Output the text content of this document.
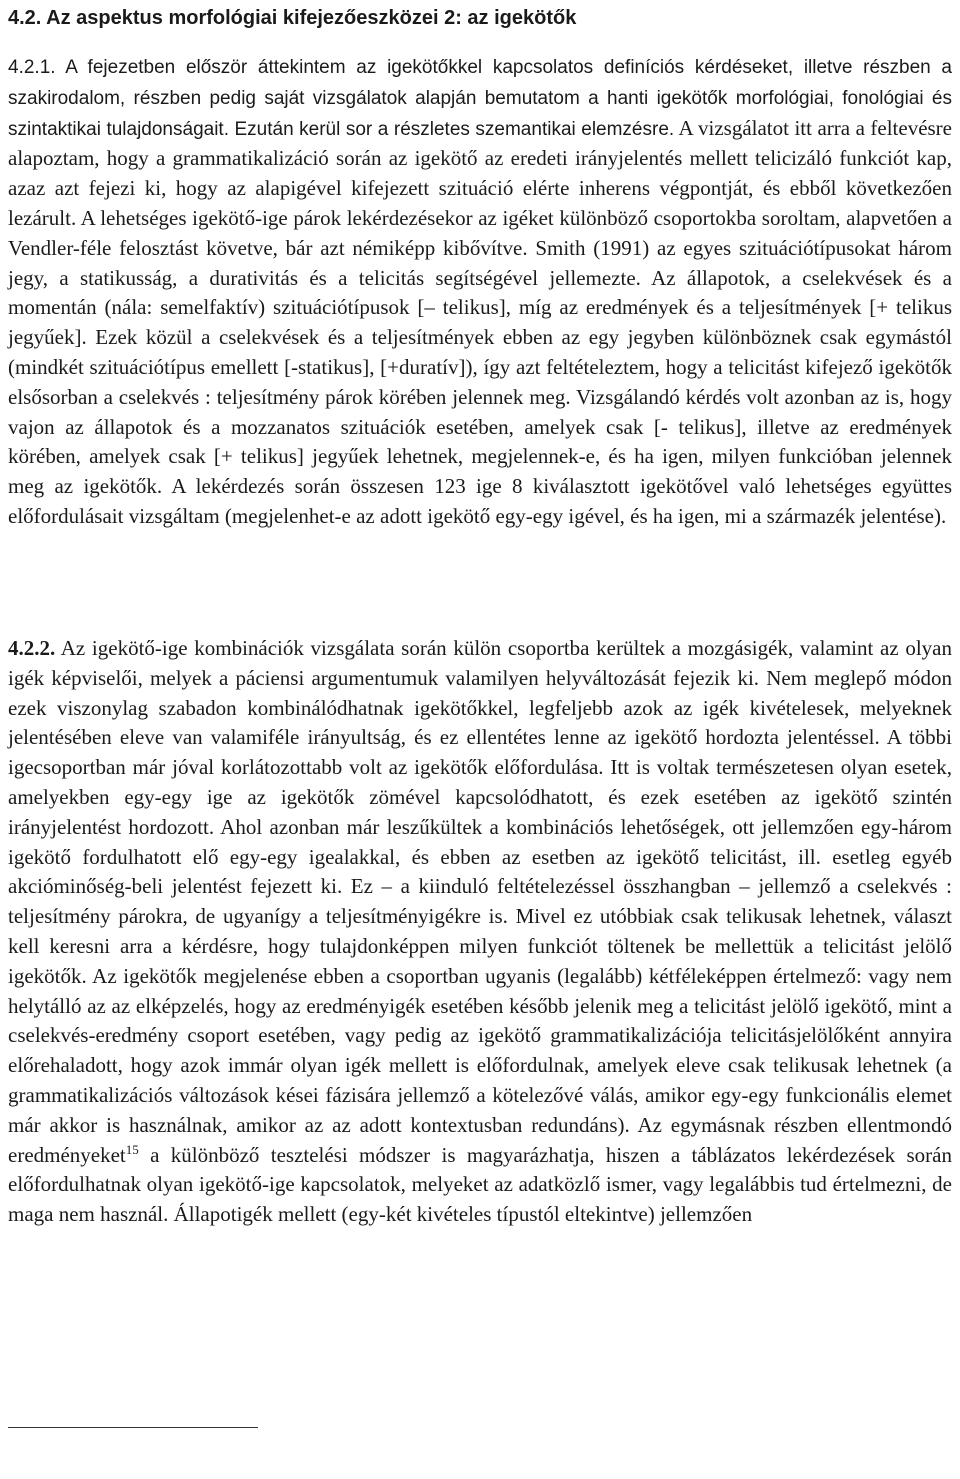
4.2. Az aspektus morfológiai kifejezőeszközei 2: az igekötők

4.2.1. A fejezetben először áttekintem az igekötőkkel kapcsolatos definíciós kérdéseket, illetve részben a szakirodalom, részben pedig saját vizsgálatok alapján bemutatom a hanti igekötők morfológiai, fonológiai és szintaktikai tulajdonságait. Ezután kerül sor a részletes szemantikai elemzésre. A vizsgálatot itt arra a feltevésre alapoztam, hogy a grammatikalizáció során az igekötő az eredeti irányjelentés mellett telicizáló funkciót kap, azaz azt fejezi ki, hogy az alapigével kifejezett szituáció elérte inherens végpontját, és ebből következően lezárult. A lehetséges igekötő-ige párok lekérdezésekor az igéket különböző csoportokba soroltam, alapvetően a Vendler-féle felosztást követve, bár azt némiképp kibővítve. Smith (1991) az egyes szituációtípusokat három jegy, a statikusság, a durativitás és a telicitás segítségével jellemezte. Az állapotok, a cselekvések és a momentán (nála: semelfaktív) szituációtípusok [– telikus], míg az eredmények és a teljesítmények [+ telikus jegyűek]. Ezek közül a cselekvések és a teljesítmények ebben az egy jegyben különböznek csak egymástól (mindkét szituációtípus emellett [-statikus], [+duratív]), így azt feltételeztem, hogy a telicitást kifejező igekötők elsősorban a cselekvés : teljesítmény párok körében jelennek meg. Vizsgálandó kérdés volt azonban az is, hogy vajon az állapotok és a mozzanatos szituációk esetében, amelyek csak [- telikus], illetve az eredmények körében, amelyek csak [+ telikus] jegyűek lehetnek, megjelennek-e, és ha igen, milyen funkcióban jelennek meg az igekötők. A lekérdezés során összesen 123 ige 8 kiválasztott igekötővel való lehetséges együttes előfordulásait vizsgáltam (megjelenhet-e az adott igekötő egy-egy igével, és ha igen, mi a származék jelentése).

4.2.2. Az igekötő-ige kombinációk vizsgálata során külön csoportba kerültek a mozgásigék, valamint az olyan igék képviselői, melyek a páciensi argumentumuk valamilyen helyváltozását fejezik ki. Nem meglepő módon ezek viszonylag szabadon kombinálódhatnak igekötőkkel, legfeljebb azok az igék kivételesek, melyeknek jelentésében eleve van valamiféle irányultság, és ez ellentétes lenne az igekötő hordozta jelentéssel. A többi igecsoportban már jóval korlátozottabb volt az igekötők előfordulása. Itt is voltak természetesen olyan esetek, amelyekben egy-egy ige az igekötők zömével kapcsolódhatott, és ezek esetében az igekötő szintén irányjelentést hordozott. Ahol azonban már leszűkültek a kombinációs lehetőségek, ott jellemzően egy-három igekötő fordulhatott elő egy-egy igealakkal, és ebben az esetben az igekötő telicitást, ill. esetleg egyéb akcióminőség-beli jelentést fejezett ki. Ez – a kiinduló feltételezéssel összhangban – jellemző a cselekvés : teljesítmény párokra, de ugyanígy a teljesítményigékre is. Mivel ez utóbbiak csak telikusak lehetnek, választ kell keresni arra a kérdésre, hogy tulajdonképpen milyen funkciót töltenek be mellettük a telicitást jelölő igekötők. Az igekötők megjelenése ebben a csoportban ugyanis (legalább) kétféleképpen értelmező: vagy nem helytálló az az elképzelés, hogy az eredményigék esetében később jelenik meg a telicitást jelölő igekötő, mint a cselekvés-eredmény csoport esetében, vagy pedig az igekötő grammatikalizációja telicitásjelölőként annyira előrehaladott, hogy azok immár olyan igék mellett is előfordulnak, amelyek eleve csak telikusak lehetnek (a grammatikalizációs változások kései fázisára jellemző a kötelezővé válás, amikor egy-egy funkcionális elemet már akkor is használnak, amikor az az adott kontextusban redundáns). Az egymásnak részben ellentmondó eredményeket$^{15}$ a különböző tesztelési módszer is magyarázhatja, hiszen a táblázatos lekérdezések során előfordulhatnak olyan igekötő-ige kapcsolatok, melyeket az adatközlő ismer, vagy legalábbis tud értelmezni, de maga nem használ. Állapotigék mellett (egy-két kivételes típustól eltekintve) jellemzően
